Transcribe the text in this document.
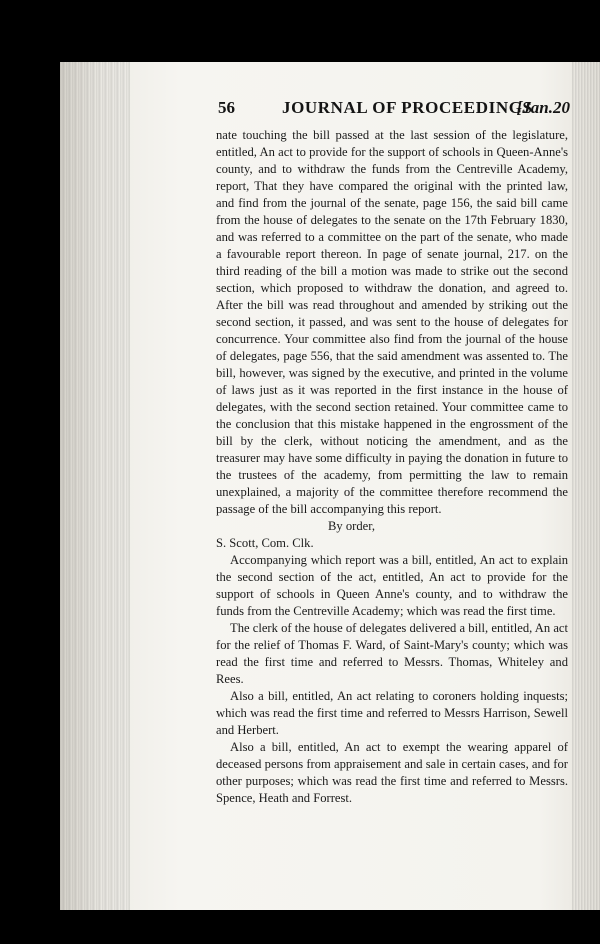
56	JOURNAL OF PROCEEDINGS
[Jan.20

nate touching the bill passed at the last session of the legislature, entitled, An act to provide for the support of schools in Queen-Anne's county, and to withdraw the funds from the Centreville Academy, report, That they have compared the original with the printed law, and find from the journal of the senate, page 156, the said bill came from the house of delegates to the senate on the 17th February 1830, and was referred to a committee on the part of the senate, who made a favourable report thereon. In page of senate journal, 217. on the third reading of the bill a motion was made to strike out the second section, which proposed to withdraw the donation, and agreed to. After the bill was read throughout and amended by striking out the second section, it passed, and was sent to the house of delegates for concurrence. Your committee also find from the journal of the house of delegates, page 556, that the said amendment was assented to. The bill, however, was signed by the executive, and printed in the volume of laws just as it was reported in the first instance in the house of delegates, with the second section retained. Your committee came to the conclusion that this mistake happened in the engrossment of the bill by the clerk, without noticing the amendment, and as the treasurer may have some difficulty in paying the donation in future to the trustees of the academy, from permitting the law to remain unexplained, a majority of the committee therefore recommend the passage of the bill accompanying this report.

By order,

S. Scott, Com. Clk.

Accompanying which report was a bill, entitled, An act to explain the second section of the act, entitled, An act to provide for the support of schools in Queen Anne's county, and to withdraw the funds from the Centreville Academy; which was read the first time.

The clerk of the house of delegates delivered a bill, entitled, An act for the relief of Thomas F. Ward, of Saint-Mary's county; which was read the first time and referred to Messrs. Thomas, Whiteley and Rees.

Also a bill, entitled, An act relating to coroners holding inquests; which was read the first time and referred to Messrs Harrison, Sewell and Herbert.

Also a bill, entitled, An act to exempt the wearing apparel of deceased persons from appraisement and sale in certain cases, and for other purposes; which was read the first time and referred to Messrs. Spence, Heath and Forrest.
